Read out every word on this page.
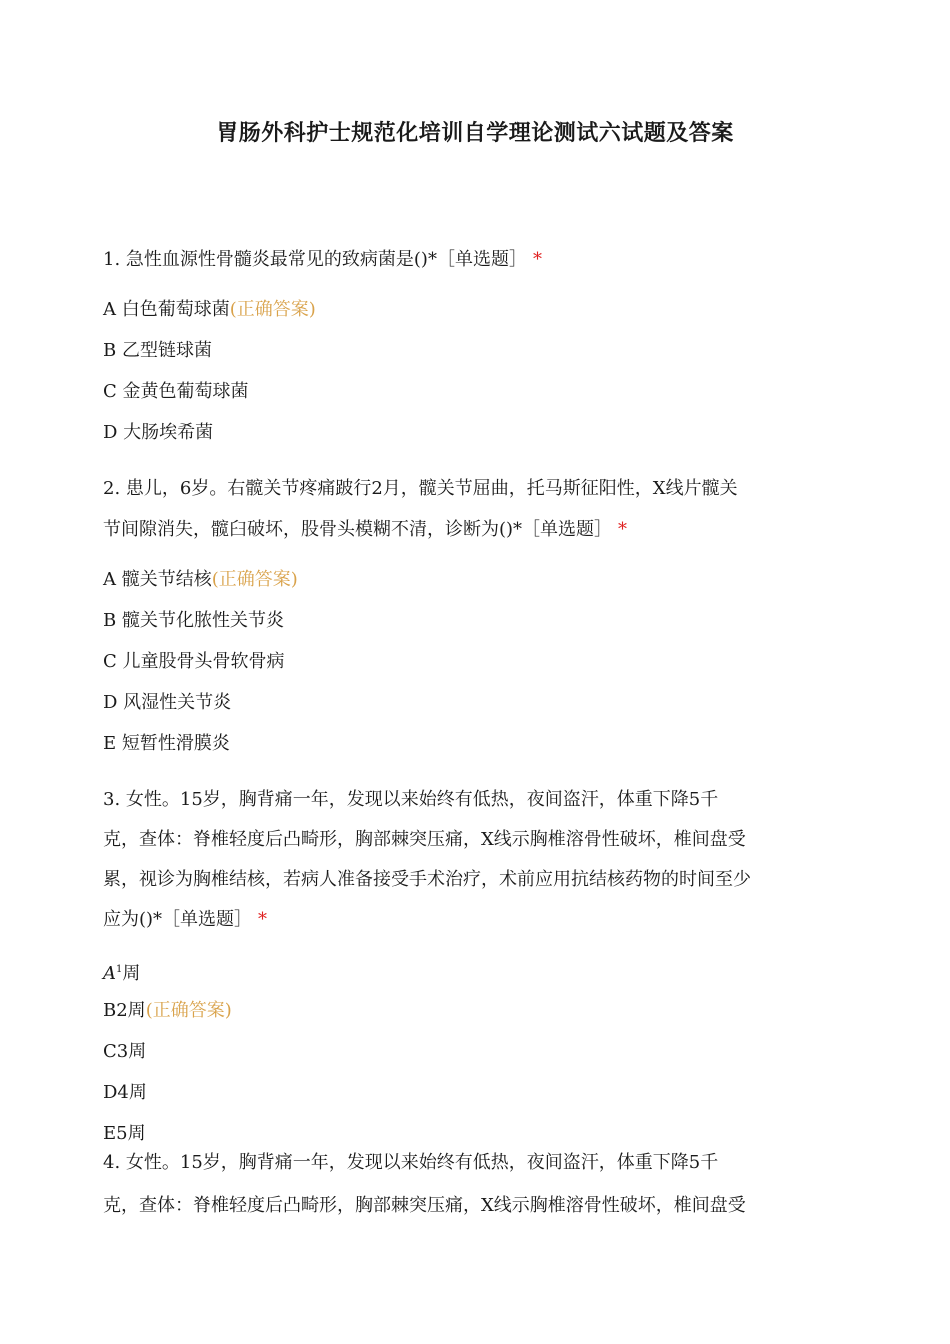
胃肠外科护士规范化培训自学理论测试六试题及答案
1. 急性血源性骨髓炎最常见的致病菌是()*［单选题］ *
A 白色葡萄球菌(正确答案)
B 乙型链球菌
C 金黄色葡萄球菌
D 大肠埃希菌
2. 患儿，6岁。右髋关节疼痛跛行2月，髋关节屈曲，托马斯征阳性，X线片髋关
节间隙消失，髋臼破坏，股骨头模糊不清，诊断为()*［单选题］ *
A 髋关节结核(正确答案)
B 髋关节化脓性关节炎
C 儿童股骨头骨软骨病
D 风湿性关节炎
E 短暂性滑膜炎
3. 女性。15岁，胸背痛一年，发现以来始终有低热，夜间盗汗，体重下降5千
克，查体：脊椎轻度后凸畸形，胸部棘突压痛，X线示胸椎溶骨性破坏，椎间盘受
累，视诊为胸椎结核，若病人准备接受手术治疗，术前应用抗结核药物的时间至少
应为()*［单选题］ *
$A^1$周
B2周(正确答案)
C3周
D4周
E5周
4. 女性。15岁，胸背痛一年，发现以来始终有低热，夜间盗汗，体重下降5千
克，查体：脊椎轻度后凸畸形，胸部棘突压痛，X线示胸椎溶骨性破坏，椎间盘受
